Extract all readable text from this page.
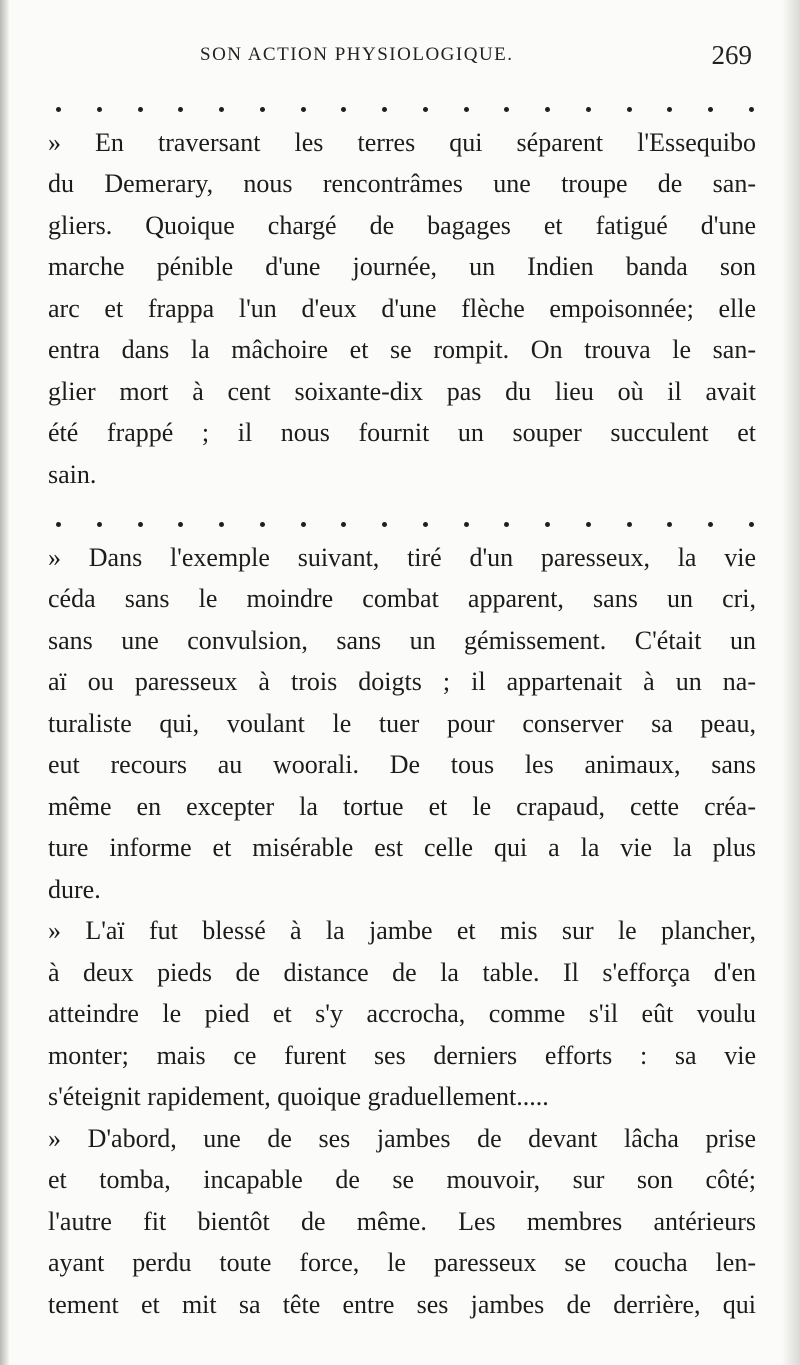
SON ACTION PHYSIOLOGIQUE.	269
» En traversant les terres qui séparent l'Essequibo
du Demerary, nous rencontrâmes une troupe de san-
gliers. Quoique chargé de bagages et fatigué d'une
marche pénible d'une journée, un Indien banda son
arc et frappa l'un d'eux d'une flèche empoisonnée; elle
entra dans la mâchoire et se rompit. On trouva le san-
glier mort à cent soixante-dix pas du lieu où il avait
été frappé ; il nous fournit un souper succulent et
sain.
» Dans l'exemple suivant, tiré d'un paresseux, la vie
céda sans le moindre combat apparent, sans un cri,
sans une convulsion, sans un gémissement. C'était un
aï ou paresseux à trois doigts ; il appartenait à un na-
turaliste qui, voulant le tuer pour conserver sa peau,
eut recours au woorali. De tous les animaux, sans
même en excepter la tortue et le crapaud, cette créa-
ture informe et misérable est celle qui a la vie la plus
dure.
» L'aï fut blessé à la jambe et mis sur le plancher,
à deux pieds de distance de la table. Il s'efforça d'en
atteindre le pied et s'y accrocha, comme s'il eût voulu
monter; mais ce furent ses derniers efforts : sa vie
s'éteignit rapidement, quoique graduellement.....
» D'abord, une de ses jambes de devant lâcha prise
et tomba, incapable de se mouvoir, sur son côté;
l'autre fit bientôt de même. Les membres antérieurs
ayant perdu toute force, le paresseux se coucha len-
tement et mit sa tête entre ses jambes de derrière, qui
